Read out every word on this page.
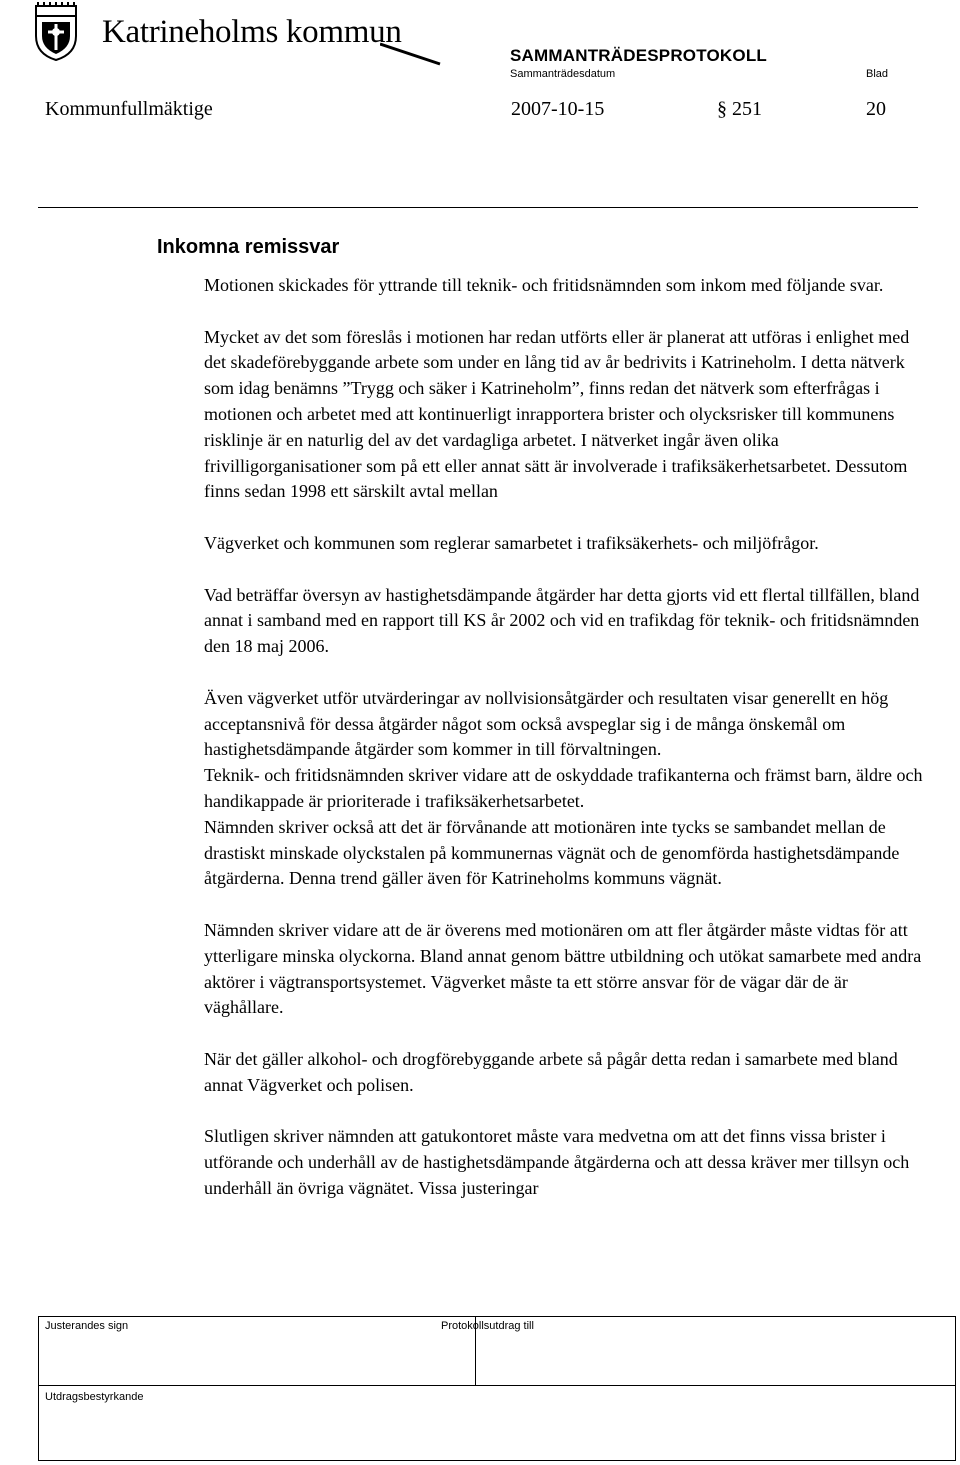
Katrineholms kommun
SAMMANTRÄDESPROTOKOLL
Sammanträdesdatum	Blad
Kommunfullmäktige	2007-10-15	§ 251	20
Inkomna remissvar

Motionen skickades för yttrande till teknik- och fritidsnämnden som inkom med följande svar.

Mycket av det som föreslås i motionen har redan utförts eller är planerat att utföras i enlighet med det skadeförebyggande arbete som under en lång tid av år bedrivits i Katrineholm. I detta nätverk som idag benämns ”Trygg och säker i Katrineholm”, finns redan det nätverk som efterfrågas i motionen och arbetet med att kontinuerligt inrapportera brister och olycksrisker till kommunens risklinje är en naturlig del av det vardagliga arbetet. I nätverket ingår även olika frivilligorganisationer som på ett eller annat sätt är involverade i trafiksäkerhetsarbetet. Dessutom finns sedan 1998 ett särskilt avtal mellan

Vägverket och kommunen som reglerar samarbetet i trafiksäkerhets- och miljöfrågor.

Vad beträffar översyn av hastighetsdämpande åtgärder har detta gjorts vid ett flertal tillfällen, bland annat i samband med en rapport till KS år 2002 och vid en trafikdag för teknik- och fritidsnämnden den 18 maj 2006.

Även vägverket utför utvärderingar av nollvisionsåtgärder och resultaten visar generellt en hög acceptansnivå för dessa åtgärder något som också avspeglar sig i de många önskemål om hastighetsdämpande åtgärder som kommer in till förvaltningen.

Teknik- och fritidsnämnden skriver vidare att de oskyddade trafikanterna och främst barn, äldre och handikappade är prioriterade i trafiksäkerhetsarbetet.

Nämnden skriver också att det är förvånande att motionären inte tycks se sambandet mellan de drastiskt minskade olyckstalen på kommunernas vägnät och de genomförda hastighetsdämpande åtgärderna. Denna trend gäller även för Katrineholms kommuns vägnät.

Nämnden skriver vidare att de är överens med motionären om att fler åtgärder måste vidtas för att ytterligare minska olyckorna. Bland annat genom bättre utbildning och utökat samarbete med andra aktörer i vägtransportsystemet. Vägverket måste ta ett större ansvar för de vägar där de är väghållare.

När det gäller alkohol- och drogförebyggande arbete så pågår detta redan i samarbete med bland annat Vägverket och polisen.

Slutligen skriver nämnden att gatukontoret måste vara medvetna om att det finns vissa brister i utförande och underhåll av de hastighetsdämpande åtgärderna och att dessa kräver mer tillsyn och underhåll än övriga vägnätet. Vissa justeringar

Justerandes sign	Protokollsutdrag till
Utdragsbestyrkande
